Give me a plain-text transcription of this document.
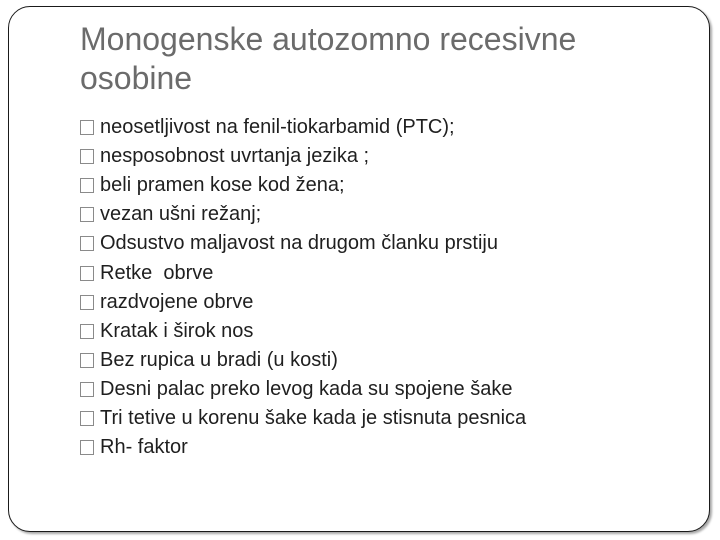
Monogenske autozomno recesivne osobine
neosetljivost na fenil-tiokarbamid (PTC);
nesposobnost uvrtanja jezika ;
beli pramen kose kod žena;
vezan ušni režanj;
Odsustvo maljavost na drugom članku prstiju
Retke  obrve
razdvojene obrve
Kratak i širok nos
Bez rupica u bradi (u kosti)
Desni palac preko levog kada su spojene šake
Tri tetive u korenu šake kada je stisnuta pesnica
Rh- faktor
